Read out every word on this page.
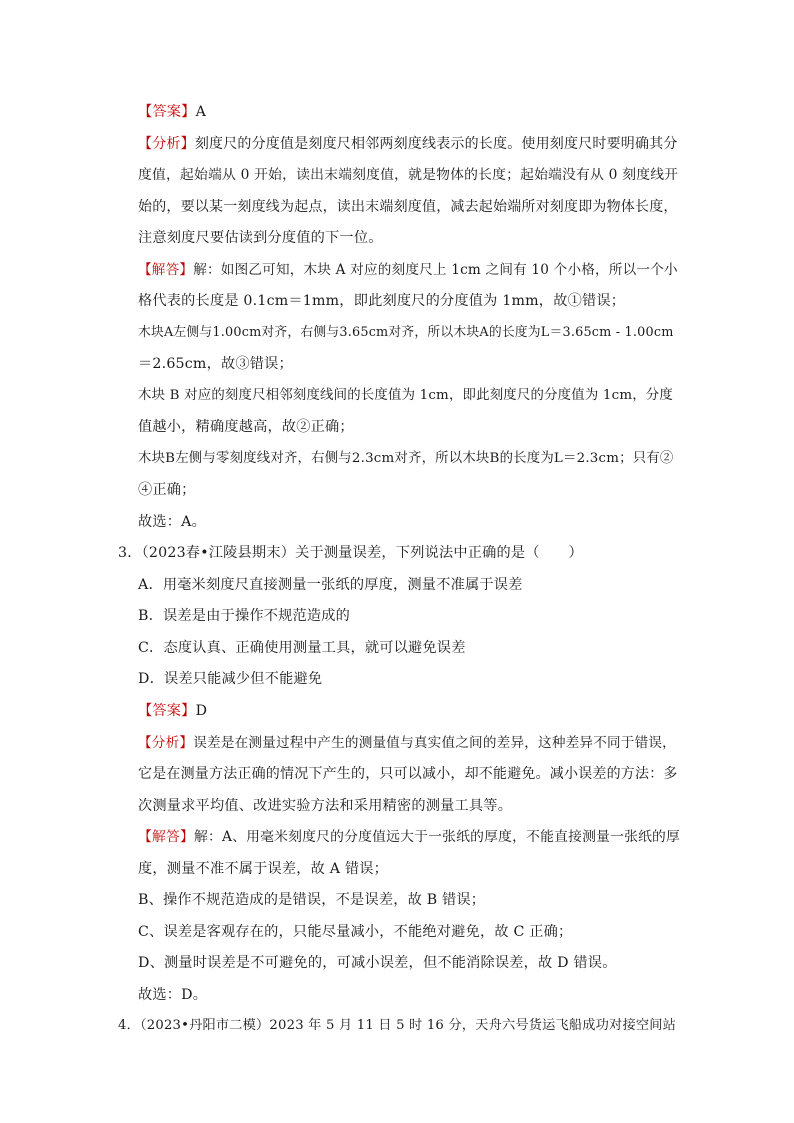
【答案】A
【分析】刻度尺的分度值是刻度尺相邻两刻度线表示的长度。使用刻度尺时要明确其分
度值，起始端从 0 开始，读出末端刻度值，就是物体的长度；起始端没有从 0 刻度线开
始的，要以某一刻度线为起点，读出末端刻度值，减去起始端所对刻度即为物体长度，
注意刻度尺要估读到分度值的下一位。
【解答】解：如图乙可知，木块 A 对应的刻度尺上 1cm 之间有 10 个小格，所以一个小
格代表的长度是 0.1cm＝1mm，即此刻度尺的分度值为 1mm，故①错误；
木块A左侧与1.00cm对齐，右侧与3.65cm对齐，所以木块A的长度为L＝3.65cm - 1.00cm
＝2.65cm，故③错误；
木块 B 对应的刻度尺相邻刻度线间的长度值为 1cm，即此刻度尺的分度值为 1cm，分度
值越小，精确度越高，故②正确；
木块B左侧与零刻度线对齐，右侧与2.3cm对齐，所以木块B的长度为L＝2.3cm；只有②
④正确；
故选：A。
3．（2023春•江陵县期末）关于测量误差，下列说法中正确的是（　　）
A．用毫米刻度尺直接测量一张纸的厚度，测量不准属于误差
B．误差是由于操作不规范造成的
C．态度认真、正确使用测量工具，就可以避免误差
D．误差只能减少但不能避免
【答案】D
【分析】误差是在测量过程中产生的测量值与真实值之间的差异，这种差异不同于错误，
它是在测量方法正确的情况下产生的，只可以减小，却不能避免。减小误差的方法：多
次测量求平均值、改进实验方法和采用精密的测量工具等。
【解答】解：A、用毫米刻度尺的分度值远大于一张纸的厚度，不能直接测量一张纸的厚
度，测量不准不属于误差，故 A 错误；
B、操作不规范造成的是错误，不是误差，故 B 错误；
C、误差是客观存在的，只能尽量减小，不能绝对避免，故 C 正确；
D、测量时误差是不可避免的，可减小误差，但不能消除误差，故 D 错误。
故选：D。
4．（2023•丹阳市二模）2023 年 5 月 11 日 5 时 16 分，天舟六号货运飞船成功对接空间站
